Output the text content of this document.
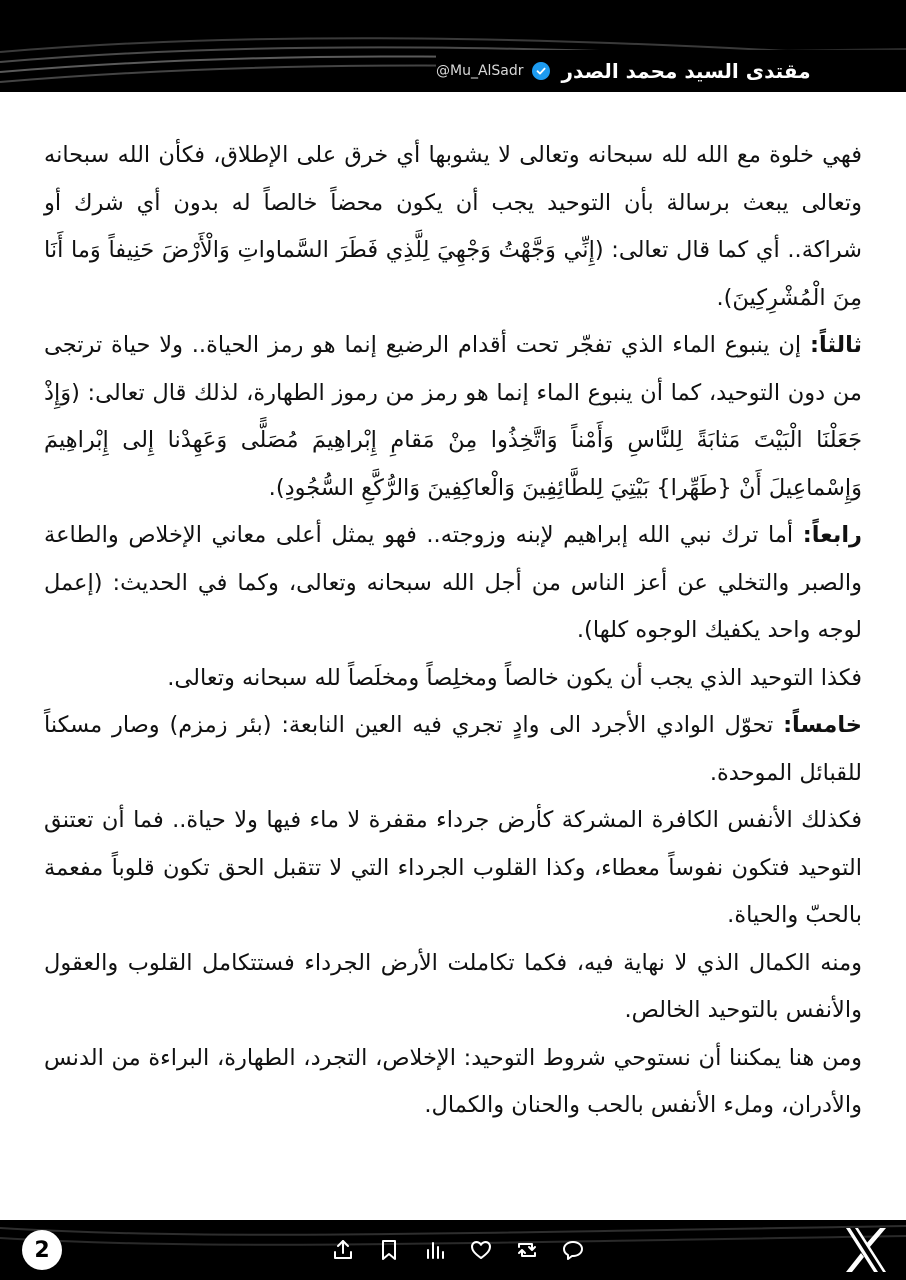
مقتدى السيد محمد الصدر
@Mu_AlSadr

فهي خلوة مع الله لله سبحانه وتعالى لا يشوبها أي خرق على الإطلاق، فكأن الله سبحانه وتعالى يبعث برسالة بأن التوحيد يجب أن يكون محضاً خالصاً له بدون أي شرك أو شراكة.. أي كما قال تعالى: (إِنِّي وَجَّهْتُ وَجْهِيَ لِلَّذِي فَطَرَ السَّماواتِ وَالْأَرْضَ حَنِيفاً وَما أَنَا مِنَ الْمُشْرِكِينَ).

ثالثاً: إن ينبوع الماء الذي تفجّر تحت أقدام الرضيع إنما هو رمز الحياة.. ولا حياة ترتجى من دون التوحيد، كما أن ينبوع الماء إنما هو رمز من رموز الطهارة، لذلك قال تعالى: (وَإِذْ جَعَلْنَا الْبَيْتَ مَثابَةً لِلنَّاسِ وَأَمْناً وَاتَّخِذُوا مِنْ مَقامِ إِبْراهِيمَ مُصَلًّى وَعَهِدْنا إِلى إِبْراهِيمَ وَإِسْماعِيلَ أَنْ {طَهِّرا} بَيْتِيَ لِلطَّائِفِينَ وَالْعاكِفِينَ وَالرُّكَّعِ السُّجُودِ).

رابعاً: أما ترك نبي الله إبراهيم لإبنه وزوجته.. فهو يمثل أعلى معاني الإخلاص والطاعة والصبر والتخلي عن أعز الناس من أجل الله سبحانه وتعالى، وكما في الحديث: (إعمل لوجه واحد يكفيك الوجوه كلها).

فكذا التوحيد الذي يجب أن يكون خالصاً ومخلِصاً ومخلَصاً لله سبحانه وتعالى.

خامساً: تحوّل الوادي الأجرد الى وادٍ تجري فيه العين النابعة: (بئر زمزم) وصار مسكناً للقبائل الموحدة.

فكذلك الأنفس الكافرة المشركة كأرض جرداء مقفرة لا ماء فيها ولا حياة.. فما أن تعتنق التوحيد فتكون نفوساً معطاء، وكذا القلوب الجرداء التي لا تتقبل الحق تكون قلوباً مفعمة بالحبّ والحياة.

ومنه الكمال الذي لا نهاية فيه، فكما تكاملت الأرض الجرداء فستتكامل القلوب والعقول والأنفس بالتوحيد الخالص.

ومن هنا يمكننا أن نستوحي شروط التوحيد: الإخلاص، التجرد، الطهارة، البراءة من الدنس والأدران، وملء الأنفس بالحب والحنان والكمال.

2
